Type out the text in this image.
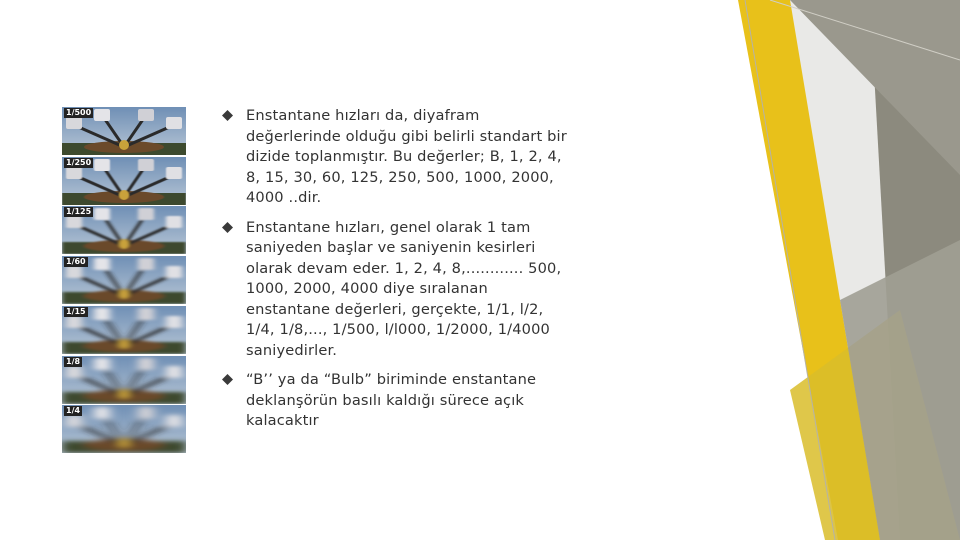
1/500
1/250
1/125
1/60
1/15
1/8
1/4
Enstantane hızları da, diyafram değerlerinde olduğu gibi belirli standart bir dizide toplanmıştır. Bu değerler; B, 1, 2, 4, 8, 15, 30, 60, 125, 250, 500, 1000, 2000, 4000 ..dir.
Enstantane hızları, genel olarak 1 tam saniyeden başlar ve saniyenin kesirleri olarak devam eder. 1, 2, 4, 8,............ 500, 1000, 2000, 4000 diye sıralanan enstantane değerleri, gerçekte, 1/1, l/2, 1/4, 1/8,..., 1/500, l/l000, 1/2000, 1/4000 saniyedirler.
“B’’ ya da “Bulb” biriminde enstantane deklanşörün basılı kaldığı sürece açık kalacaktır
